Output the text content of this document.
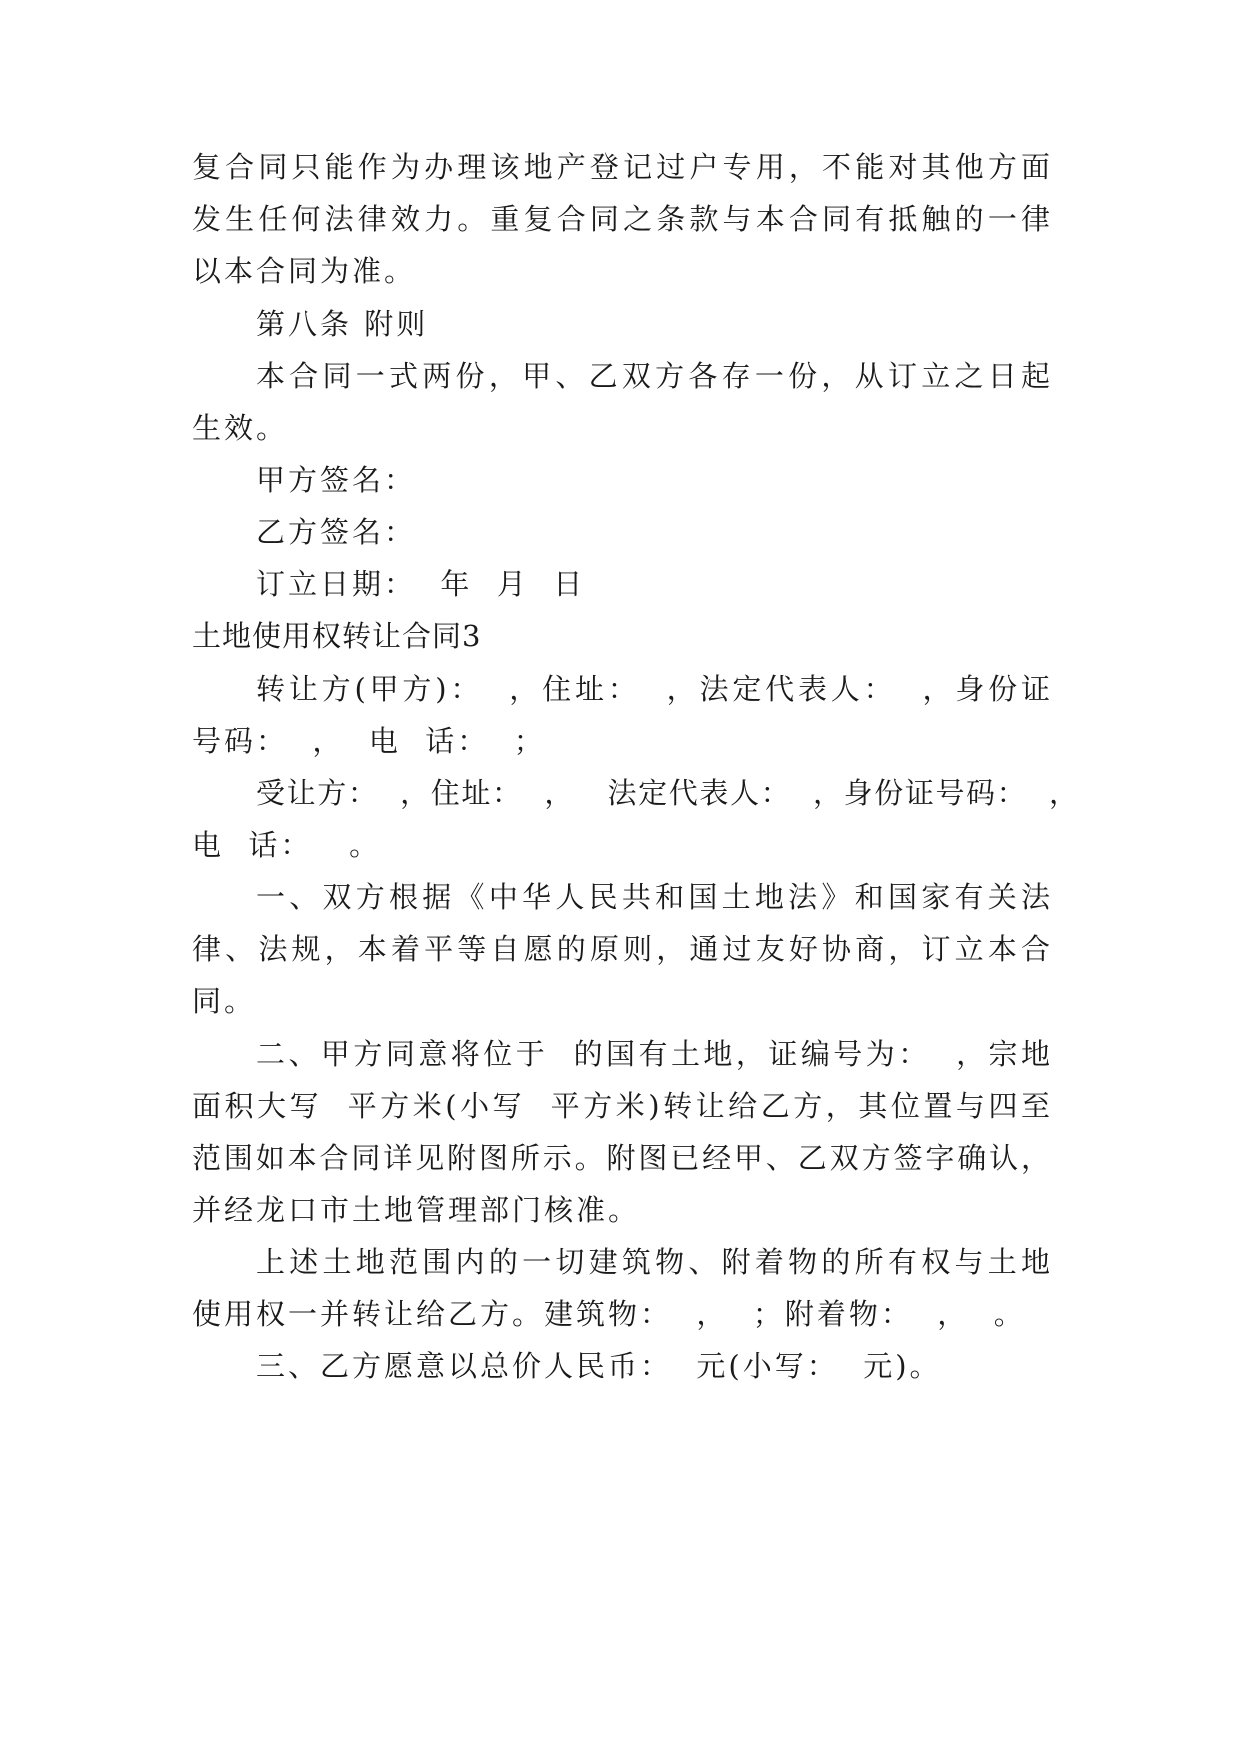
复合同只能作为办理该地产登记过户专用，不能对其他方面
发生任何法律效力。重复合同之条款与本合同有抵触的一律
以本合同为准。
第八条 附则
本合同一式两份，甲、乙双方各存一份，从订立之日起
生效。
甲方签名：
乙方签名：
订立日期：  年  月  日
土地使用权转让合同3
转让方(甲方)：  ，住址：  ，法定代表人：  ，身份证
号码：  ，  电  话：  ；
受让方：  ，住址：  ，   法定代表人：  ，身份证号码：  ，
电  话：   。
一、双方根据《中华人民共和国土地法》和国家有关法
律、法规，本着平等自愿的原则，通过友好协商，订立本合
同。
二、甲方同意将位于  的国有土地，证编号为：  ，宗地
面积大写  平方米(小写  平方米)转让给乙方，其位置与四至
范围如本合同详见附图所示。附图已经甲、乙双方签字确认，
并经龙口市土地管理部门核准。
上述土地范围内的一切建筑物、附着物的所有权与土地
使用权一并转让给乙方。建筑物：  ，  ；附着物：  ，  。
三、乙方愿意以总价人民币：  元(小写：  元)。
